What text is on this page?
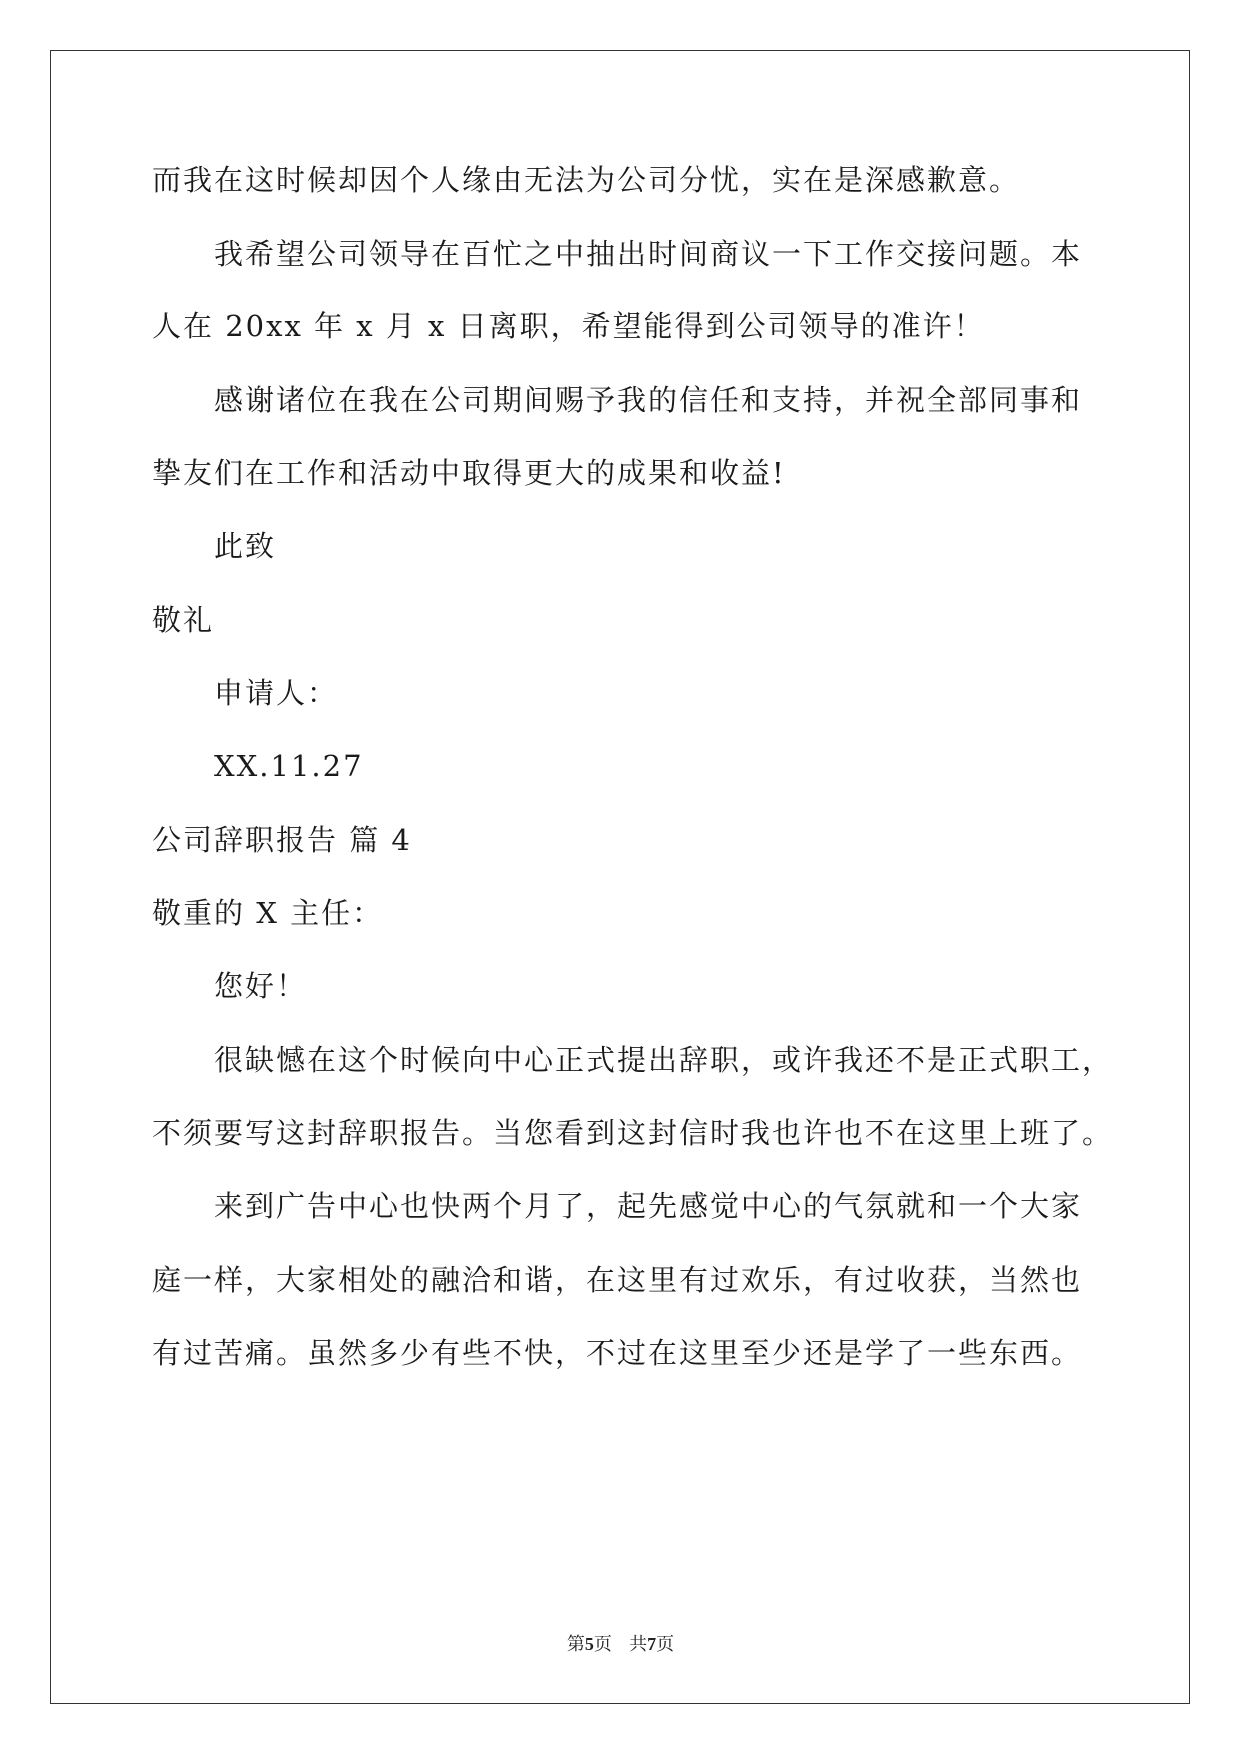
而我在这时候却因个人缘由无法为公司分忧，实在是深感歉意。
我希望公司领导在百忙之中抽出时间商议一下工作交接问题。本
人在 20xx 年 x 月 x 日离职，希望能得到公司领导的准许！
感谢诸位在我在公司期间赐予我的信任和支持，并祝全部同事和
挚友们在工作和活动中取得更大的成果和收益!
此致
敬礼
申请人：
XX.11.27
公司辞职报告 篇 4
敬重的 X 主任：
您好！
很缺憾在这个时候向中心正式提出辞职，或许我还不是正式职工，
不须要写这封辞职报告。当您看到这封信时我也许也不在这里上班了。
来到广告中心也快两个月了，起先感觉中心的气氛就和一个大家
庭一样，大家相处的融洽和谐，在这里有过欢乐，有过收获，当然也
有过苦痛。虽然多少有些不快，不过在这里至少还是学了一些东西。
第5页 共7页
